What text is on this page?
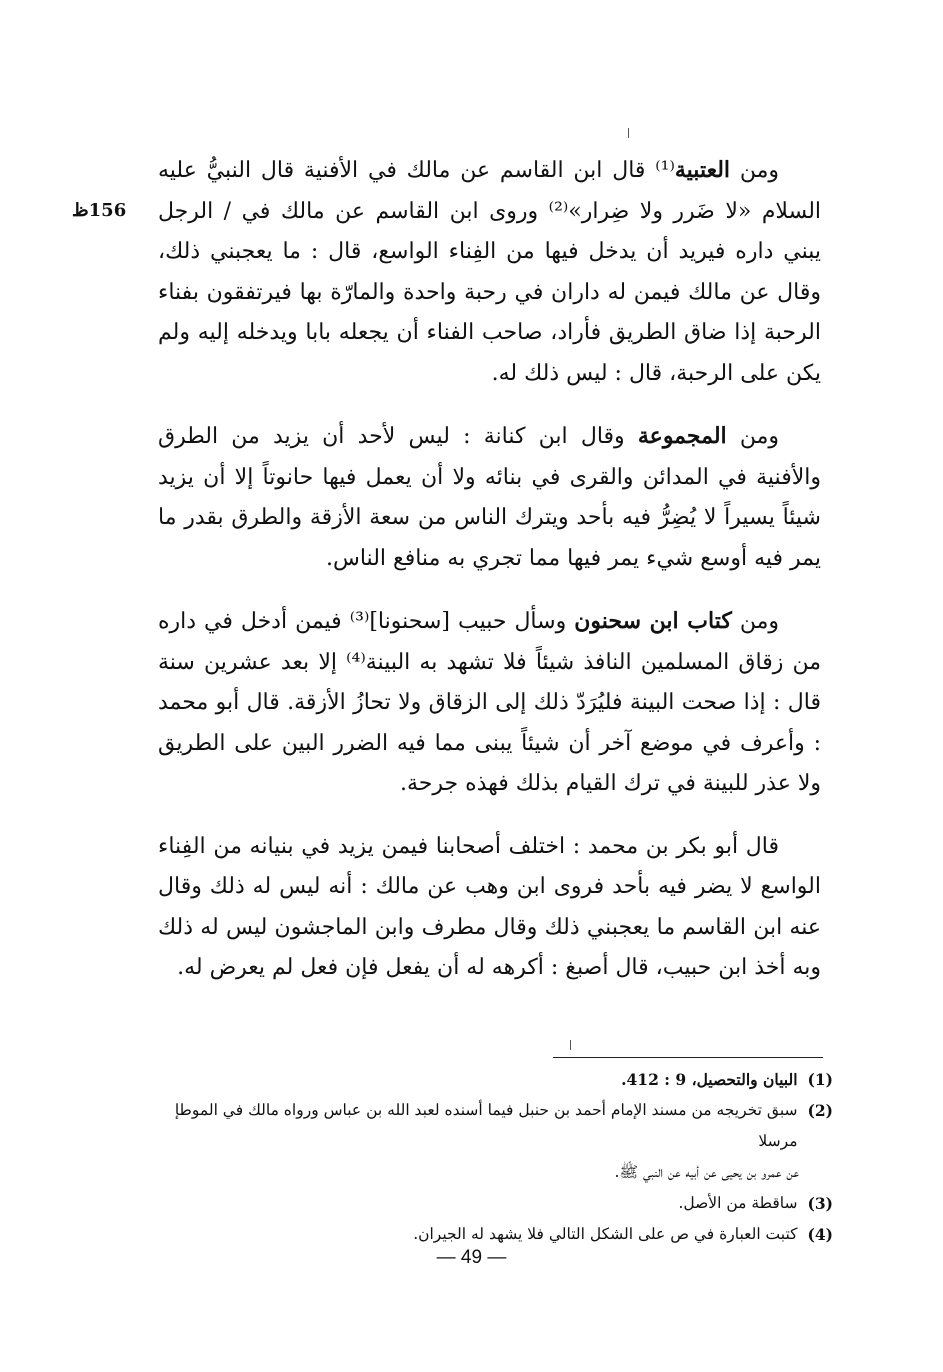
156ظ

ومن العتبية⁽¹⁾ قال ابن القاسم عن مالك في الأفنية قال النبيُّ عليه السلام «لا ضَرر ولا ضِرار»⁽²⁾ وروى ابن القاسم عن مالك في / الرجل يبني داره فيريد أن يدخل فيها من الفِناء الواسع، قال : ما يعجبني ذلك، وقال عن مالك فيمن له داران في رحبة واحدة والمارّة بها فيرتفقون بفناء الرحبة إذا ضاق الطريق فأراد، صاحب الفناء أن يجعله بابا ويدخله إليه ولم يكن على الرحبة، قال : ليس ذلك له.

ومن المجموعة وقال ابن كنانة : ليس لأحد أن يزيد من الطرق والأفنية في المدائن والقرى في بنائه ولا أن يعمل فيها حانوتاً إلا أن يزيد شيئاً يسيراً لا يُضِرُّ فيه بأحد ويترك الناس من سعة الأزقة والطرق بقدر ما يمر فيه أوسع شيء يمر فيها مما تجري به منافع الناس.

ومن كتاب ابن سحنون وسأل حبيب [سحنونا]⁽³⁾ فيمن أدخل في داره من زقاق المسلمين النافذ شيئاً فلا تشهد به البينة⁽⁴⁾ إلا بعد عشرين سنة قال : إذا صحت البينة فليُرَدّ ذلك إلى الزقاق ولا تحازُ الأزقة. قال أبو محمد : وأعرف في موضع آخر أن شيئاً يبنى مما فيه الضرر البين على الطريق ولا عذر للبينة في ترك القيام بذلك فهذه جرحة.

قال أبو بكر بن محمد : اختلف أصحابنا فيمن يزيد في بنيانه من الفِناء الواسع لا يضر فيه بأحد فروى ابن وهب عن مالك : أنه ليس له ذلك وقال عنه ابن القاسم ما يعجبني ذلك وقال مطرف وابن الماجشون ليس له ذلك وبه أخذ ابن حبيب، قال أصبغ : أكرهه له أن يفعل فإن فعل لم يعرض له.

(1)
البيان والتحصيل، 9 : 412.
(2)
سبق تخريجه من مسند الإمام أحمد بن حنبل فيما أسنده لعبد الله بن عباس ورواه مالك في الموطإ مرسلا
عن عمرو بن يحيى عن أبيه عن النبي ﷺ.
(3)
ساقطة من الأصل.
(4)
كتبت العبارة في ص على الشكل التالي فلا يشهد له الجيران.
— 49 —
